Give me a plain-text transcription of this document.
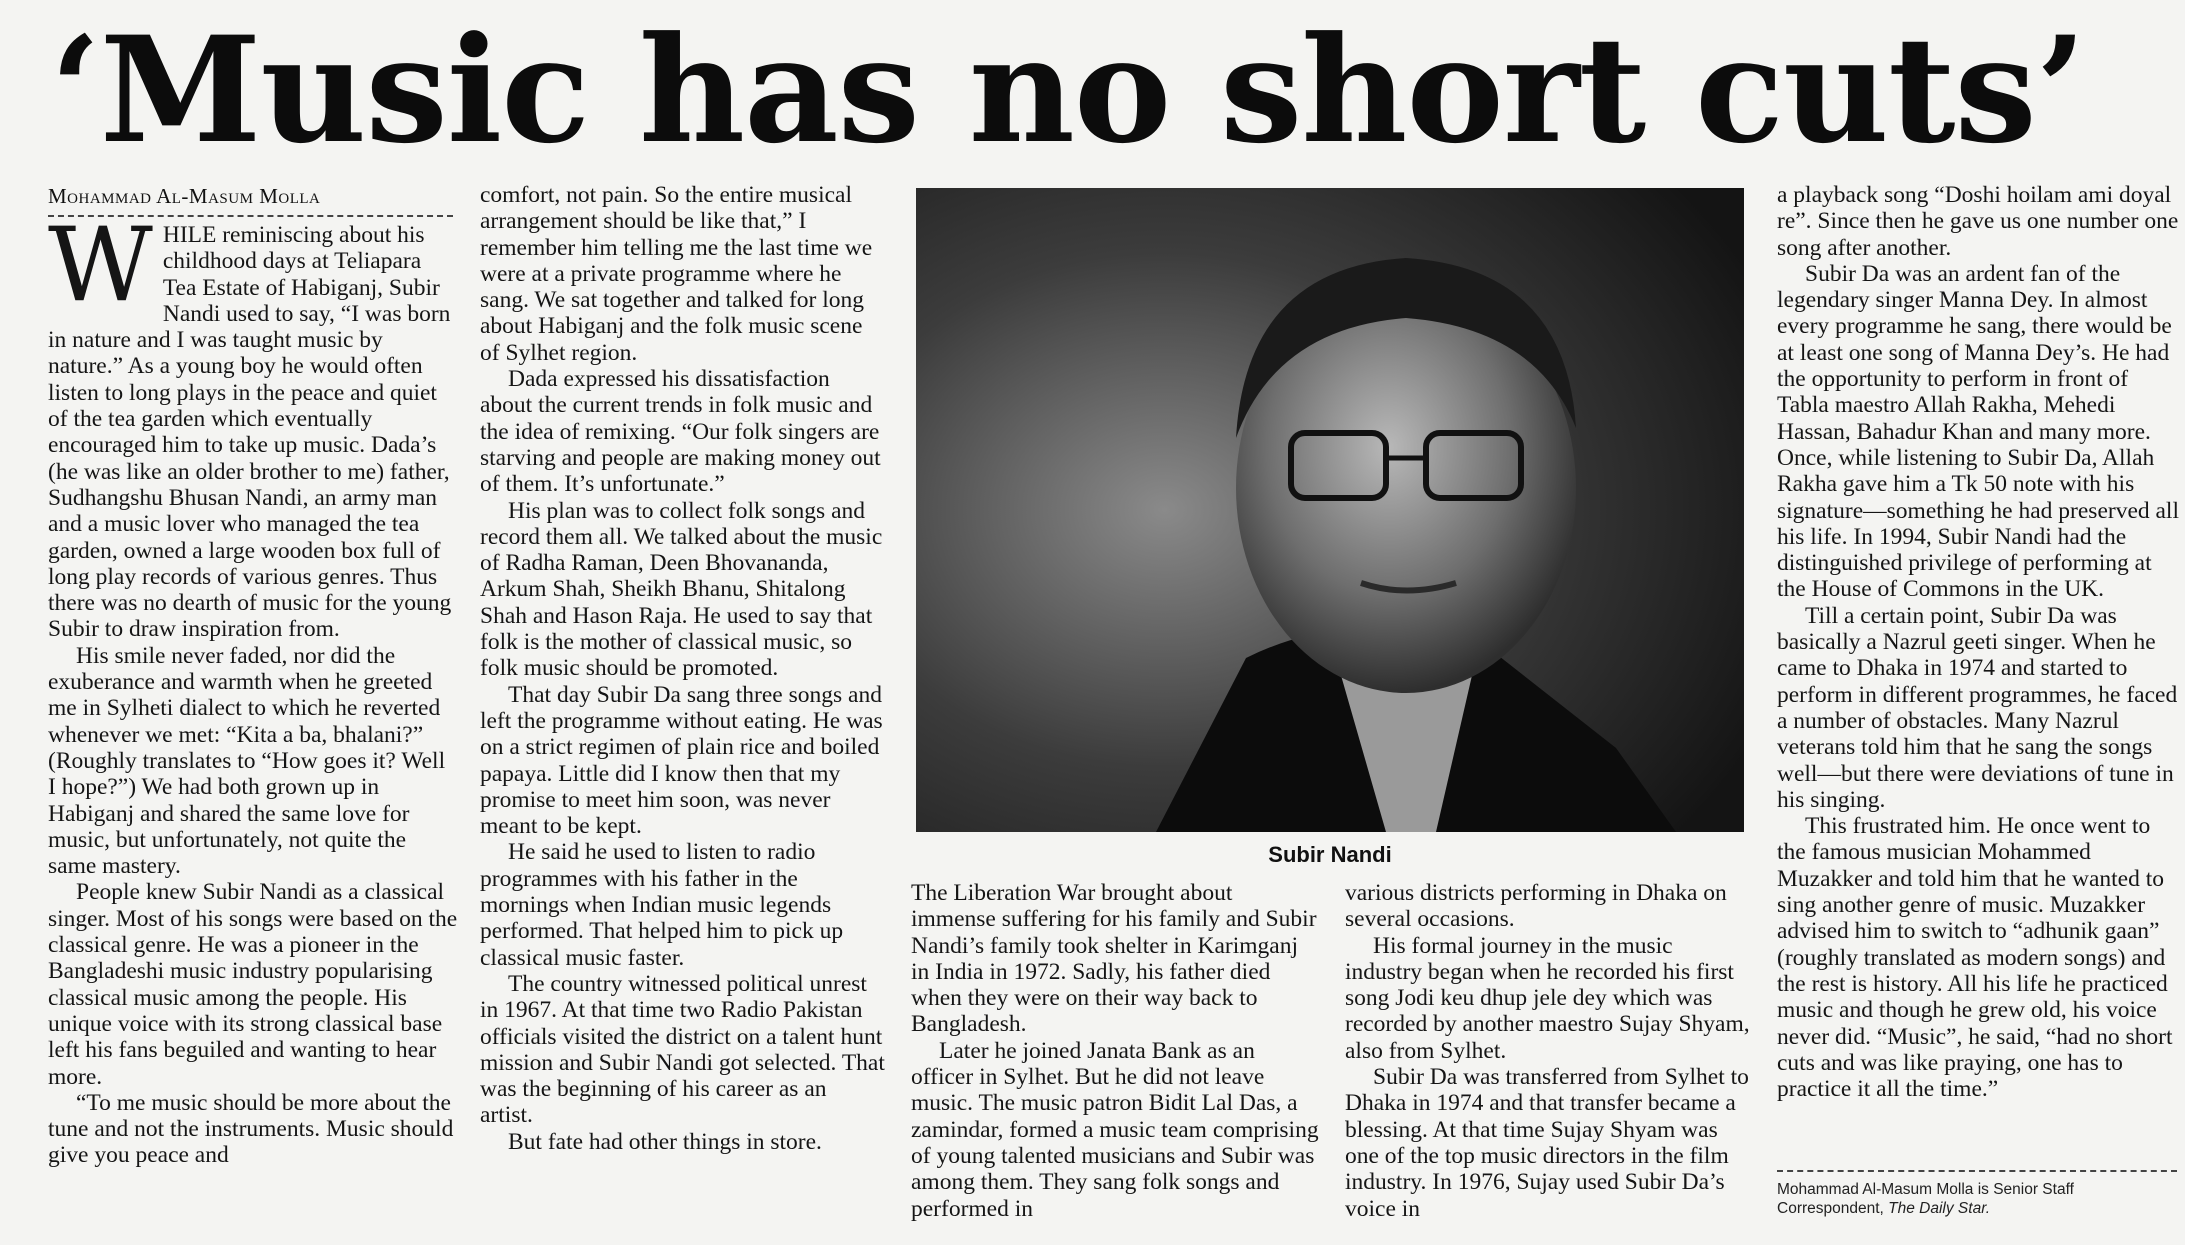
‘Music has no short cuts’
Mohammad Al-Masum Molla
W HILE reminiscing about his childhood days at Teliapara Tea Estate of Habiganj, Subir Nandi used to say, “I was born in nature and I was taught music by nature.” As a young boy he would often listen to long plays in the peace and quiet of the tea garden which eventually encouraged him to take up music. Dada’s (he was like an older brother to me) father, Sudhangshu Bhusan Nandi, an army man and a music lover who managed the tea garden, owned a large wooden box full of long play records of various genres. Thus there was no dearth of music for the young Subir to draw inspiration from.

His smile never faded, nor did the exuberance and warmth when he greeted me in Sylheti dialect to which he reverted whenever we met: “Kita a ba, bhalani?” (Roughly translates to “How goes it? Well I hope?”) We had both grown up in Habiganj and shared the same love for music, but unfortunately, not quite the same mastery.

People knew Subir Nandi as a classical singer. Most of his songs were based on the classical genre. He was a pioneer in the Bangladeshi music industry popularising classical music among the people. His unique voice with its strong classical base left his fans beguiled and wanting to hear more.

“To me music should be more about the tune and not the instruments. Music should give you peace and

comfort, not pain. So the entire musical arrangement should be like that,” I remember him telling me the last time we were at a private programme where he sang. We sat together and talked for long about Habiganj and the folk music scene of Sylhet region.

Dada expressed his dissatisfaction about the current trends in folk music and the idea of remixing. “Our folk singers are starving and people are making money out of them. It’s unfortunate.”

His plan was to collect folk songs and record them all. We talked about the music of Radha Raman, Deen Bhovananda, Arkum Shah, Sheikh Bhanu, Shitalong Shah and Hason Raja. He used to say that folk is the mother of classical music, so folk music should be promoted.

That day Subir Da sang three songs and left the programme without eating. He was on a strict regimen of plain rice and boiled papaya. Little did I know then that my promise to meet him soon, was never meant to be kept.

He said he used to listen to radio programmes with his father in the mornings when Indian music legends performed. That helped him to pick up classical music faster.

The country witnessed political unrest in 1967. At that time two Radio Pakistan officials visited the district on a talent hunt mission and Subir Nandi got selected. That was the beginning of his career as an artist.

But fate had other things in store.

Subir Nandi

The Liberation War brought about immense suffering for his family and Subir Nandi’s family took shelter in Karimganj in India in 1972. Sadly, his father died when they were on their way back to Bangladesh.

Later he joined Janata Bank as an officer in Sylhet. But he did not leave music. The music patron Bidit Lal Das, a zamindar, formed a music team comprising of young talented musicians and Subir was among them. They sang folk songs and performed in

various districts performing in Dhaka on several occasions.

His formal journey in the music industry began when he recorded his first song Jodi keu dhup jele dey which was recorded by another maestro Sujay Shyam, also from Sylhet.

Subir Da was transferred from Sylhet to Dhaka in 1974 and that transfer became a blessing. At that time Sujay Shyam was one of the top music directors in the film industry. In 1976, Sujay used Subir Da’s voice in

a playback song “Doshi hoilam ami doyal re”. Since then he gave us one number one song after another.

Subir Da was an ardent fan of the legendary singer Manna Dey. In almost every programme he sang, there would be at least one song of Manna Dey’s. He had the opportunity to perform in front of Tabla maestro Allah Rakha, Mehedi Hassan, Bahadur Khan and many more. Once, while listening to Subir Da, Allah Rakha gave him a Tk 50 note with his signature—something he had preserved all his life. In 1994, Subir Nandi had the distinguished privilege of performing at the House of Commons in the UK.

Till a certain point, Subir Da was basically a Nazrul geeti singer. When he came to Dhaka in 1974 and started to perform in different programmes, he faced a number of obstacles. Many Nazrul veterans told him that he sang the songs well—but there were deviations of tune in his singing.

This frustrated him. He once went to the famous musician Mohammed Muzakker and told him that he wanted to sing another genre of music. Muzakker advised him to switch to “adhunik gaan” (roughly translated as modern songs) and the rest is history. All his life he practiced music and though he grew old, his voice never did. “Music”, he said, “had no short cuts and was like praying, one has to practice it all the time.”

Mohammad Al-Masum Molla is Senior Staff Correspondent, The Daily Star.
